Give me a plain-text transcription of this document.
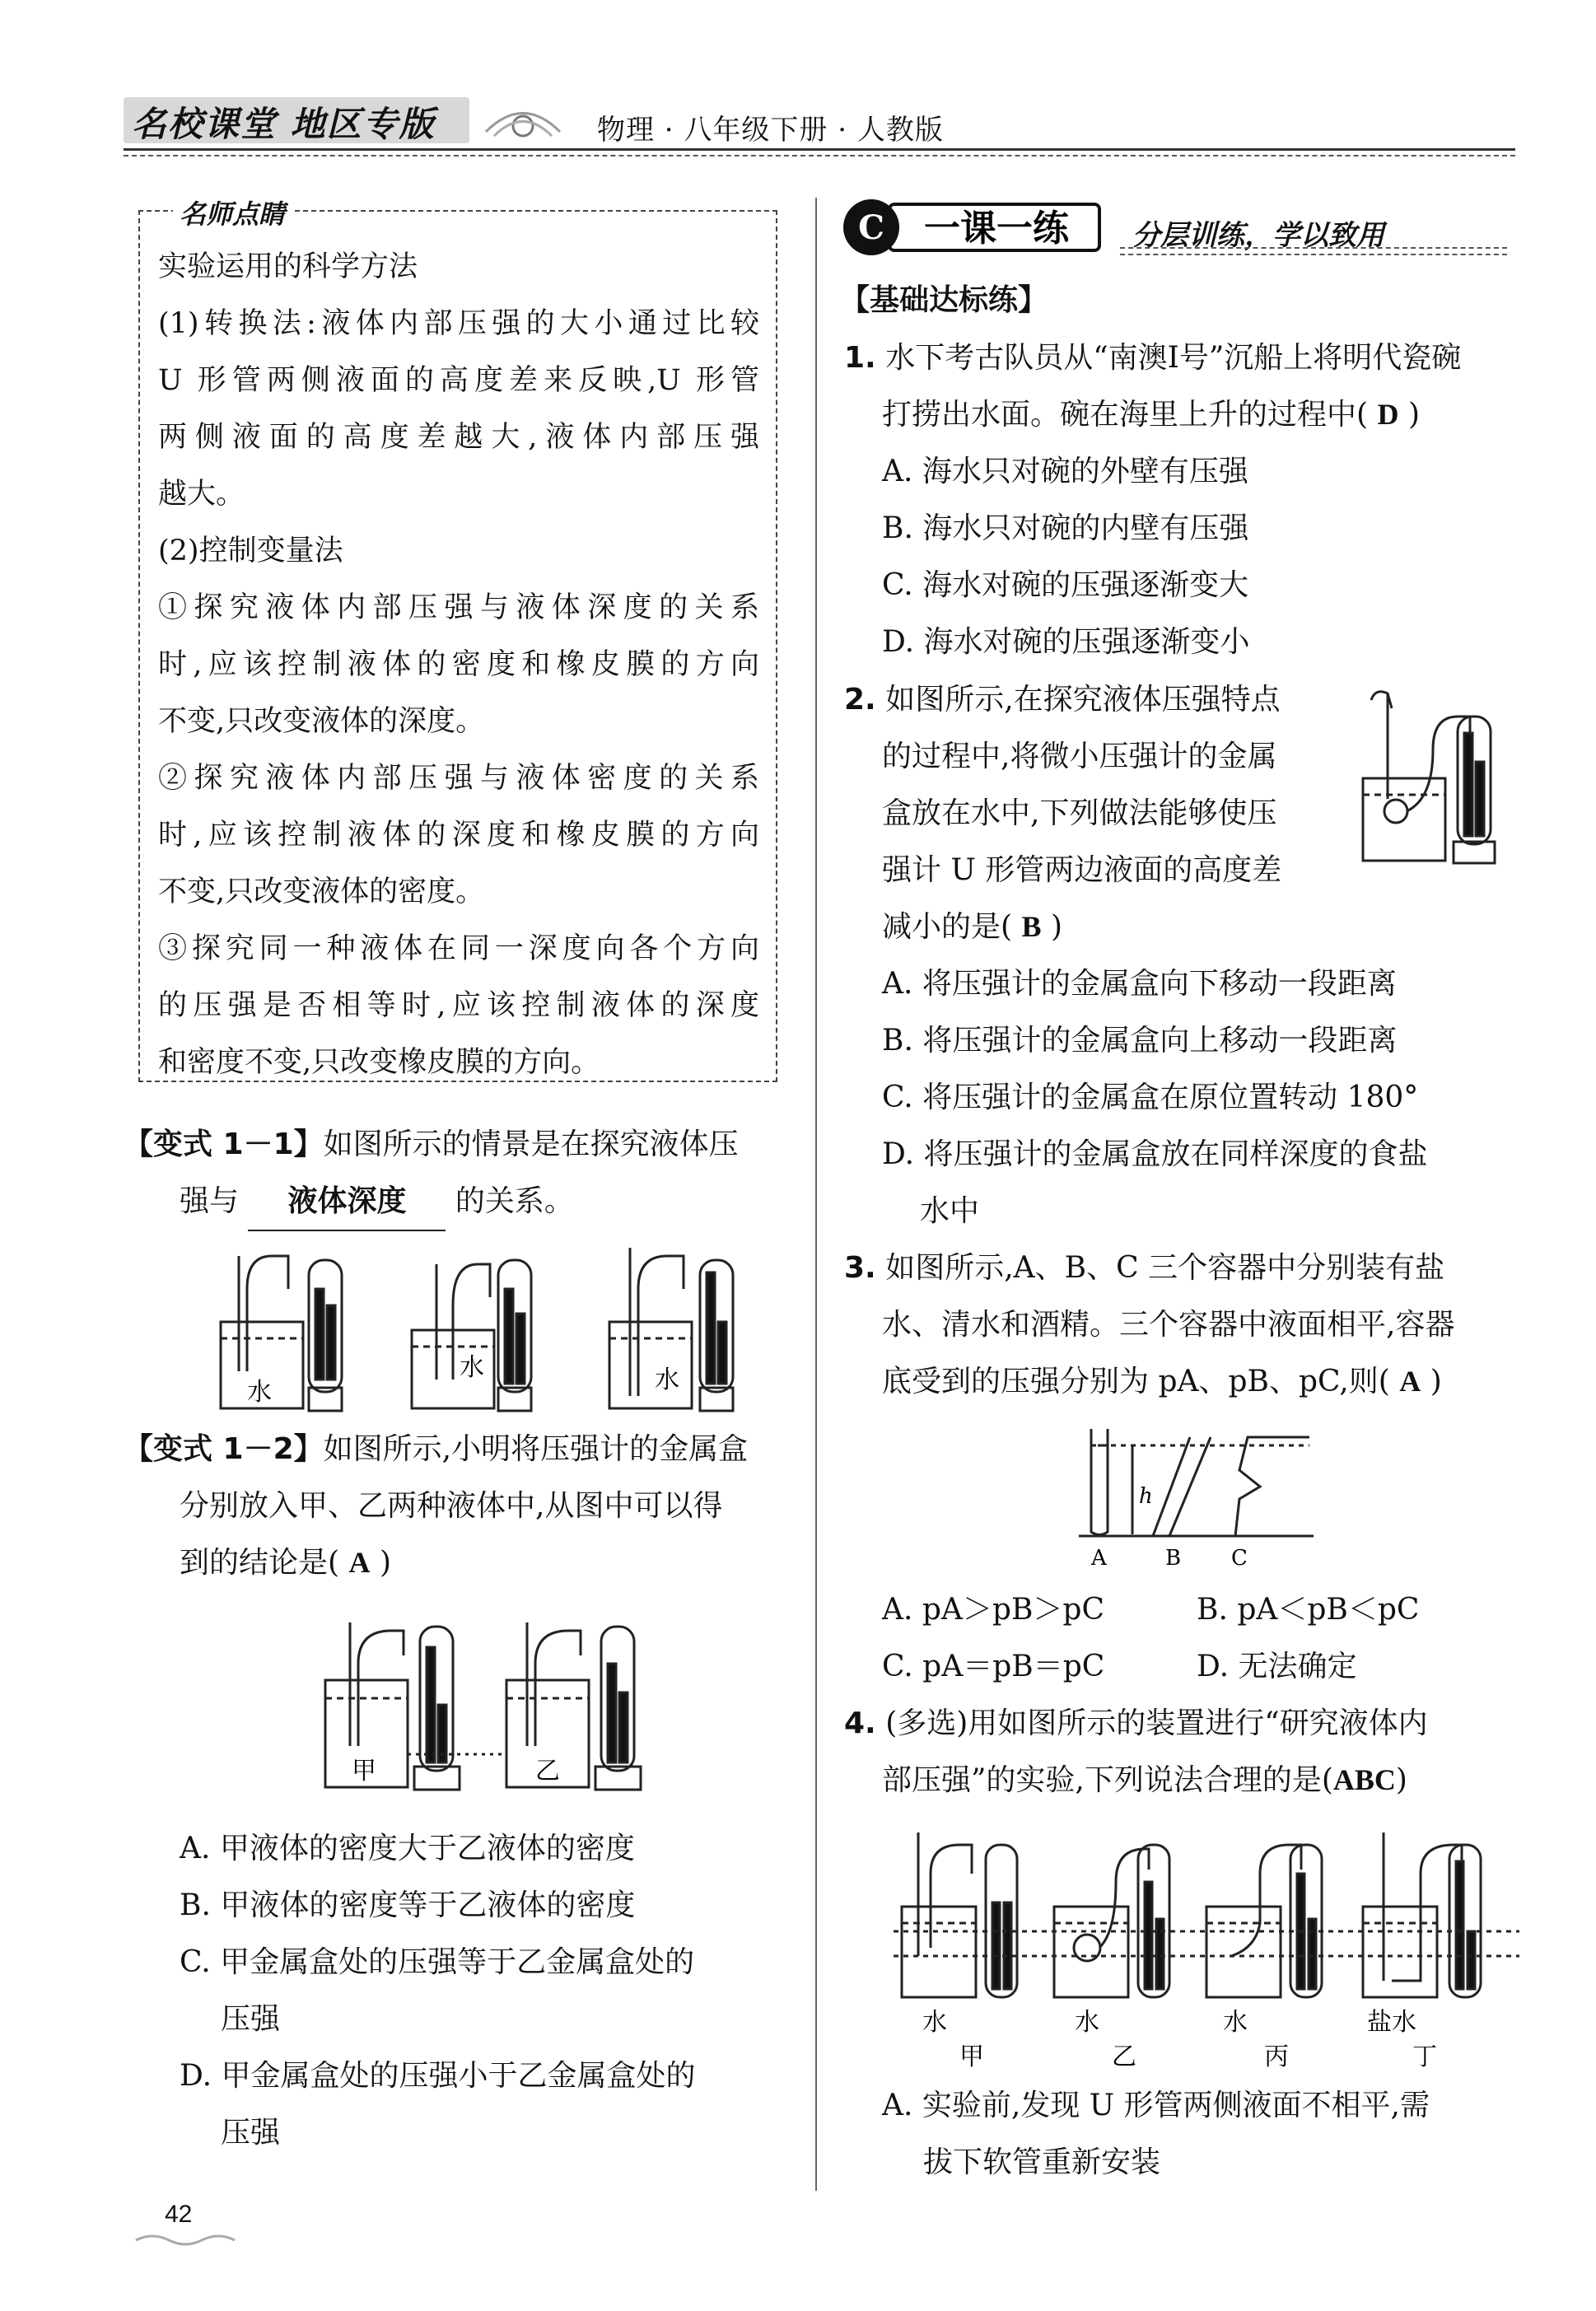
名校课堂 地区专版	物理 · 八年级下册 · 人教版
名师点睛
实验运用的科学方法
(1)转换法:液体内部压强的大小通过比较
U 形管两侧液面的高度差来反映,U 形管
两侧液面的高度差越大,液体内部压强
越大。
(2)控制变量法
①探究液体内部压强与液体深度的关系
时,应该控制液体的密度和橡皮膜的方向
不变,只改变液体的深度。
②探究液体内部压强与液体密度的关系
时,应该控制液体的深度和橡皮膜的方向
不变,只改变液体的密度。
③探究同一种液体在同一深度向各个方向
的压强是否相等时,应该控制液体的深度
和密度不变,只改变橡皮膜的方向。
【变式 1－1】如图所示的情景是在探究液体压
强与 液体深度 的关系。
水
水	水
【变式 1－2】如图所示,小明将压强计的金属盒
分别放入甲、乙两种液体中,从图中可以得
到的结论是( A )
甲	乙
A. 甲液体的密度大于乙液体的密度
B. 甲液体的密度等于乙液体的密度
C. 甲金属盒处的压强等于乙金属盒处的
压强
D. 甲金属盒处的压强小于乙金属盒处的
压强
C 一课一练 分层训练，学以致用
【基础达标练】
1. 水下考古队员从“南澳Ⅰ号”沉船上将明代瓷碗
打捞出水面。碗在海里上升的过程中( D )
A. 海水只对碗的外壁有压强
B. 海水只对碗的内壁有压强
C. 海水对碗的压强逐渐变大
D. 海水对碗的压强逐渐变小
2. 如图所示,在探究液体压强特点
的过程中,将微小压强计的金属
盒放在水中,下列做法能够使压
强计 U 形管两边液面的高度差
减小的是( B )
A. 将压强计的金属盒向下移动一段距离
B. 将压强计的金属盒向上移动一段距离
C. 将压强计的金属盒在原位置转动 180°
D. 将压强计的金属盒放在同样深度的食盐
水中
3. 如图所示,A、B、C 三个容器中分别装有盐
水、清水和酒精。三个容器中液面相平,容器
底受到的压强分别为 pA、pB、pC,则( A )
h
A	B C
A. pA＞pB＞pC	B. pA＜pB＜pC
C. pA＝pB＝pC	D. 无法确定
4. (多选)用如图所示的装置进行“研究液体内
部压强”的实验,下列说法合理的是(ABC)
水	水	水	盐水
甲	乙	丙	丁
A. 实验前,发现 U 形管两侧液面不相平,需
拔下软管重新安装
42
